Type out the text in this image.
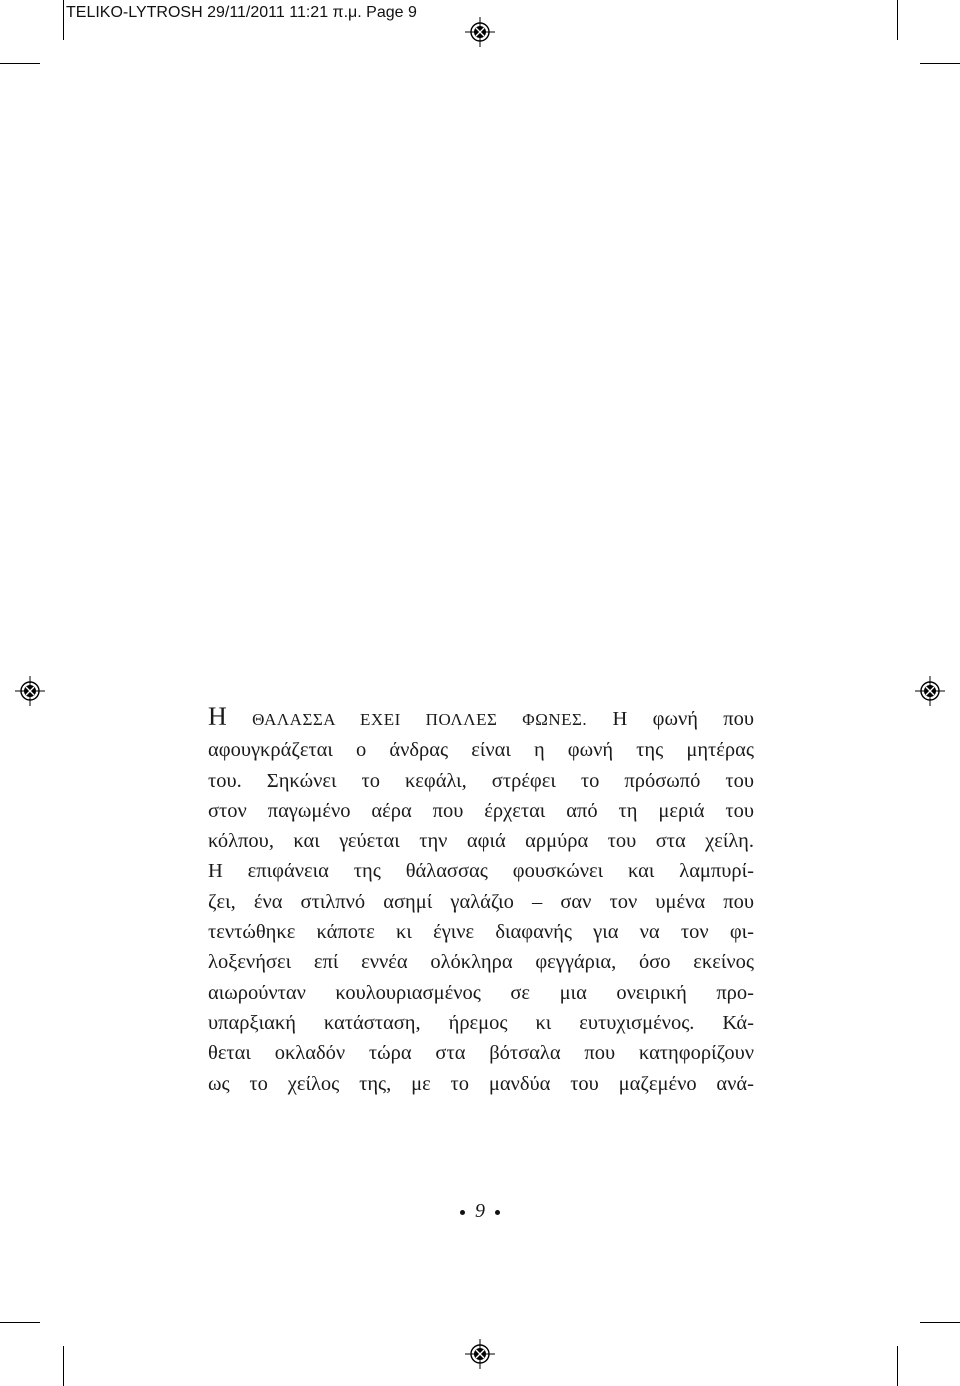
TELIKO-LYTROSH 29/11/2011 11:21 π.μ. Page 9
Η ΘΑΛΑΣΣΑ ΕΧΕΙ ΠΟΛΛΕΣ ΦΩΝΕΣ. Η φωνή που
αφουγκράζεται ο άνδρας είναι η φωνή της μητέρας
του. Σηκώνει το κεφάλι, στρέφει το πρόσωπό του
στον παγωμένο αέρα που έρχεται από τη μεριά του
κόλπου, και γεύεται την αφιά αρμύρα του στα χείλη.
Η επιφάνεια της θάλασσας φουσκώνει και λαμπυρί-
ζει, ένα στιλπνό ασημί γαλάζιο – σαν τον υμένα που
τεντώθηκε κάποτε κι έγινε διαφανής για να τον φι-
λοξενήσει επί εννέα ολόκληρα φεγγάρια, όσο εκείνος
αιωρούνταν κουλουριασμένος σε μια ονειρική προ-
υπαρξιακή κατάσταση, ήρεμος κι ευτυχισμένος. Κά-
θεται οκλαδόν τώρα στα βότσαλα που κατηφορίζουν
ως το χείλος της, με το μανδύα του μαζεμένο ανά-
9
